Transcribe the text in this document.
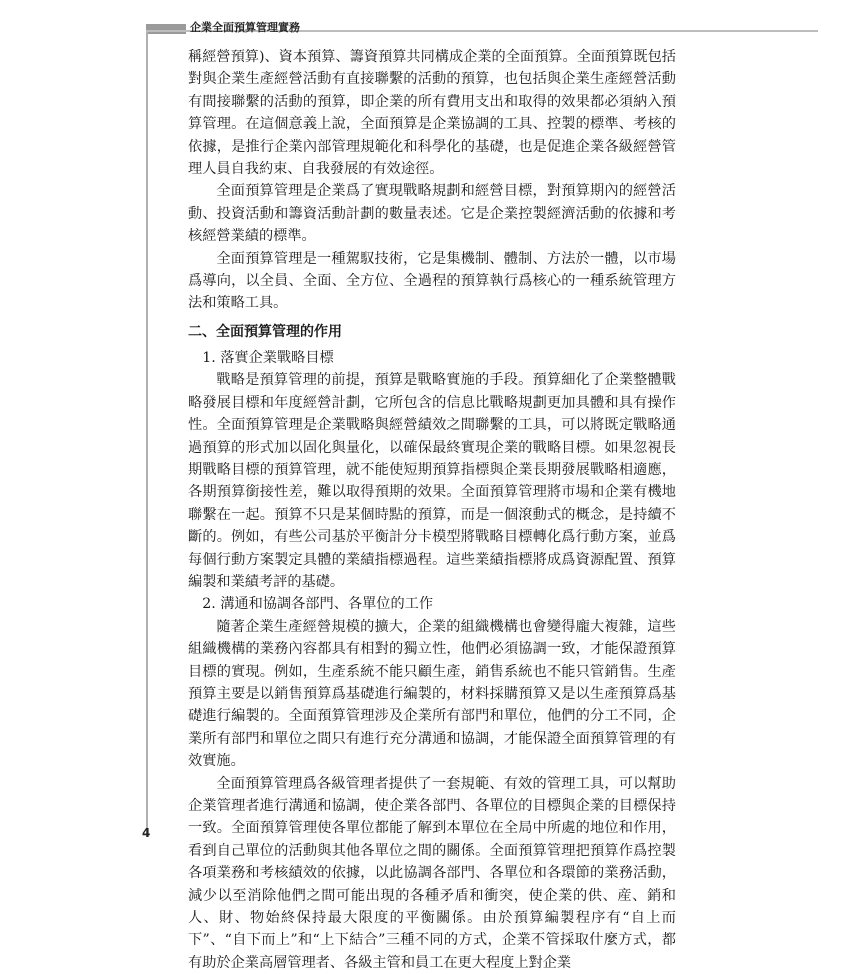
企業全面預算管理實務

稱經營預算)、資本預算、籌資預算共同構成企業的全面預算。全面預算既包括對與企業生產經營活動有直接聯繫的活動的預算，也包括與企業生產經營活動有間接聯繫的活動的預算，即企業的所有費用支出和取得的效果都必須納入預算管理。在這個意義上說，全面預算是企業協調的工具、控製的標準、考核的依據，是推行企業內部管理規範化和科學化的基礎，也是促進企業各級經營管理人員自我約束、自我發展的有效途徑。

全面預算管理是企業爲了實現戰略規劃和經營目標，對預算期內的經營活動、投資活動和籌資活動計劃的數量表述。它是企業控製經濟活動的依據和考核經營業績的標準。

全面預算管理是一種駕馭技術，它是集機制、體制、方法於一體，以市場爲導向，以全員、全面、全方位、全過程的預算執行爲核心的一種系統管理方法和策略工具。

二、全面預算管理的作用

1. 落實企業戰略目標

戰略是預算管理的前提，預算是戰略實施的手段。預算細化了企業整體戰略發展目標和年度經營計劃，它所包含的信息比戰略規劃更加具體和具有操作性。全面預算管理是企業戰略與經營績效之間聯繫的工具，可以將既定戰略通過預算的形式加以固化與量化，以確保最終實現企業的戰略目標。如果忽視長期戰略目標的預算管理，就不能使短期預算指標與企業長期發展戰略相適應，各期預算銜接性差，難以取得預期的效果。全面預算管理將市場和企業有機地聯繫在一起。預算不只是某個時點的預算，而是一個滾動式的概念，是持續不斷的。例如，有些公司基於平衡計分卡模型將戰略目標轉化爲行動方案，並爲每個行動方案製定具體的業績指標過程。這些業績指標將成爲資源配置、預算編製和業績考評的基礎。

2. 溝通和協調各部門、各單位的工作

隨著企業生產經營規模的擴大，企業的組織機構也會變得龐大複雜，這些組織機構的業務內容都具有相對的獨立性，他們必須協調一致，才能保證預算目標的實現。例如，生產系統不能只顧生產，銷售系統也不能只管銷售。生產預算主要是以銷售預算爲基礎進行編製的，材料採購預算又是以生產預算爲基礎進行編製的。全面預算管理涉及企業所有部門和單位，他們的分工不同，企業所有部門和單位之間只有進行充分溝通和協調，才能保證全面預算管理的有效實施。

全面預算管理爲各級管理者提供了一套規範、有效的管理工具，可以幫助企業管理者進行溝通和協調，使企業各部門、各單位的目標與企業的目標保持一致。全面預算管理使各單位都能了解到本單位在全局中所處的地位和作用，看到自己單位的活動與其他各單位之間的關係。全面預算管理把預算作爲控製各項業務和考核績效的依據，以此協調各部門、各單位和各環節的業務活動，減少以至消除他們之間可能出現的各種矛盾和衝突，使企業的供、産、銷和人、財、物始終保持最大限度的平衡關係。由於預算編製程序有“自上而下”、“自下而上”和“上下結合”三種不同的方式，企業不管採取什麼方式，都有助於企業高層管理者、各級主管和員工在更大程度上對企業

4
